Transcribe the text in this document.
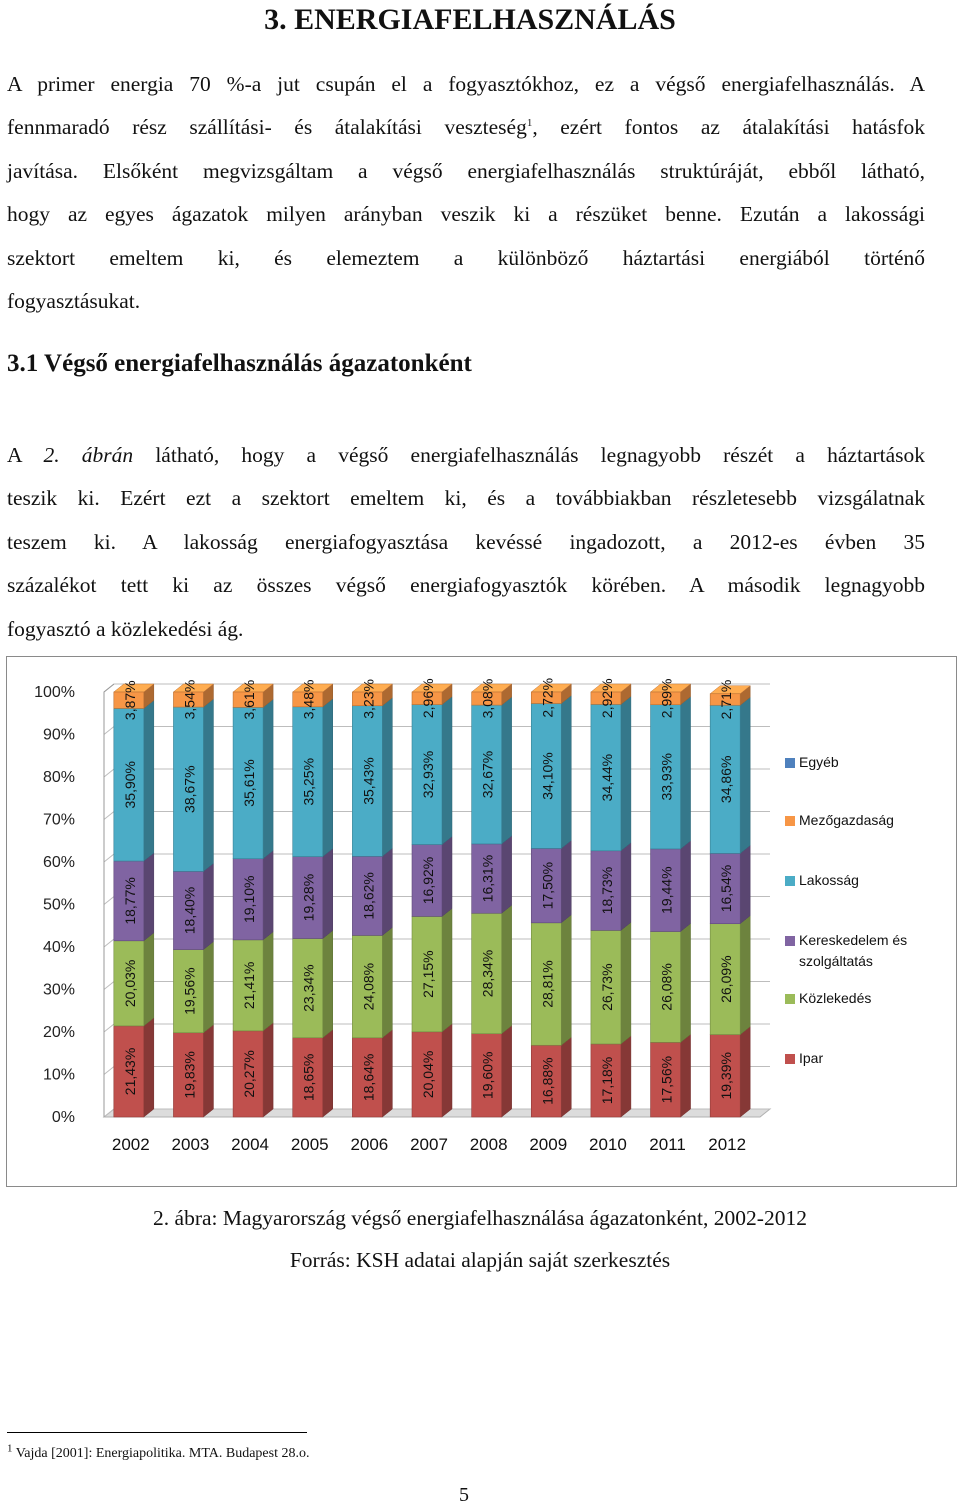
3. ENERGIAFELHASZNÁLÁS
A primer energia 70 %-a jut csupán el a fogyasztókhoz, ez a végső energiafelhasználás. A
fennmaradó rész szállítási- és átalakítási veszteség$^1$, ezért fontos az átalakítási hatásfok
javítása. Elsőként megvizsgáltam a végső energiafelhasználás struktúráját, ebből látható,
hogy az egyes ágazatok milyen arányban veszik ki a részüket benne. Ezután a lakossági
szektort emeltem ki, és elemeztem a különböző háztartási energiából történő
fogyasztásukat.
3.1 Végső energiafelhasználás ágazatonként
A 2. ábrán látható, hogy a végső energiafelhasználás legnagyobb részét a háztartások
teszik ki. Ezért ezt a szektort emeltem ki, és a továbbiakban részletesebb vizsgálatnak
teszem ki. A lakosság energiafogyasztása kevéssé ingadozott, a 2012-es évben 35
százalékot tett ki az összes végső energiafogyasztók körében. A második legnagyobb
fogyasztó a közlekedési ág.
0%
10%
20%
30%
40%
50%
60%
70%
80%
90%
100%
21,43%
20,03%
18,77%
35,90%
3,87%
2002
19,83%
19,56%
18,40%
38,67%
3,54%
2003
20,27%
21,41%
19,10%
35,61%
3,61%
2004
18,65%
23,34%
19,28%
35,25%
3,48%
2005
18,64%
24,08%
18,62%
35,43%
3,23%
2006
20,04%
27,15%
16,92%
32,93%
2,96%
2007
19,60%
28,34%
16,31%
32,67%
3,08%
2008
16,88%
28,81%
17,50%
34,10%
2,72%
2009
17,18%
26,73%
18,73%
34,44%
2,92%
2010
17,56%
26,08%
19,44%
33,93%
2,99%
2011
19,39%
26,09%
16,54%
34,86%
2,71%
2012
Egyéb
Mezőgazdaság
Lakosság
Kereskedelem és
szolgáltatás
Közlekedés
Ipar

2. ábra: Magyarország végső energiafelhasználása ágazatonként, 2002-2012

Forrás: KSH adatai alapján saját szerkesztés

$^1$ Vajda [2001]: Energiapolitika. MTA. Budapest 28.o.
5
